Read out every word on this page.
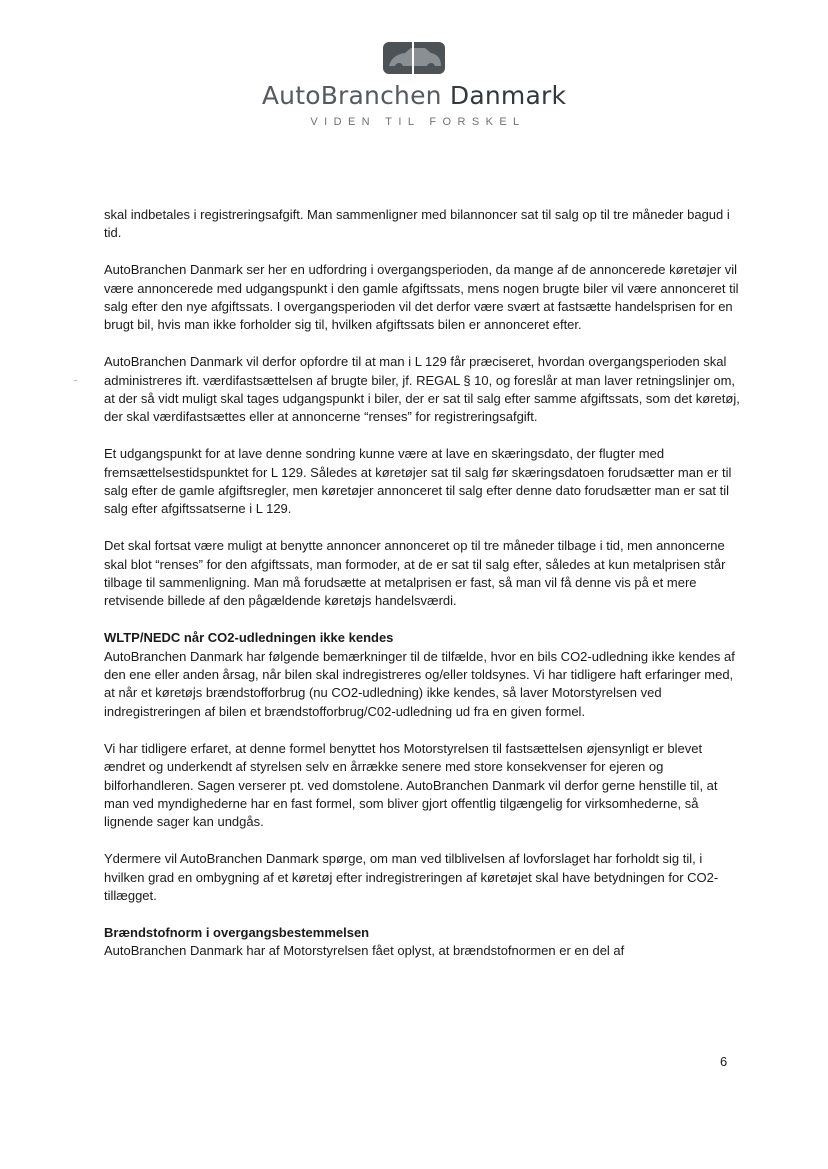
AutoBranchen Danmark
VIDEN TIL FORSKEL

skal indbetales i registreringsafgift. Man sammenligner med bilannoncer sat til salg op til tre måneder bagud i tid.

AutoBranchen Danmark ser her en udfordring i overgangsperioden, da mange af de annoncerede køretøjer vil være annoncerede med udgangspunkt i den gamle afgiftssats, mens nogen brugte biler vil være annonceret til salg efter den nye afgiftssats. I overgangsperioden vil det derfor være svært at fastsætte handelsprisen for en brugt bil, hvis man ikke forholder sig til, hvilken afgiftssats bilen er annonceret efter.

AutoBranchen Danmark vil derfor opfordre til at man i L 129 får præciseret, hvordan overgangsperioden skal administreres ift. værdifastsættelsen af brugte biler, jf. REGAL § 10, og foreslår at man laver retningslinjer om, at der så vidt muligt skal tages udgangspunkt i biler, der er sat til salg efter samme afgiftssats, som det køretøj, der skal værdifastsættes eller at annoncerne “renses” for registreringsafgift.

Et udgangspunkt for at lave denne sondring kunne være at lave en skæringsdato, der flugter med fremsættelsestidspunktet for L 129. Således at køretøjer sat til salg før skæringsdatoen forudsætter man er til salg efter de gamle afgiftsregler, men køretøjer annonceret til salg efter denne dato forudsætter man er sat til salg efter afgiftssatserne i L 129.

Det skal fortsat være muligt at benytte annoncer annonceret op til tre måneder tilbage i tid, men annoncerne skal blot “renses” for den afgiftssats, man formoder, at de er sat til salg efter, således at kun metalprisen står tilbage til sammenligning. Man må forudsætte at metalprisen er fast, så man vil få denne vis på et mere retvisende billede af den pågældende køretøjs handelsværdi.

WLTP/NEDC når CO2-udledningen ikke kendes

AutoBranchen Danmark har følgende bemærkninger til de tilfælde, hvor en bils CO2-udledning ikke kendes af den ene eller anden årsag, når bilen skal indregistreres og/eller toldsynes. Vi har tidligere haft erfaringer med, at når et køretøjs brændstofforbrug (nu CO2-udledning) ikke kendes, så laver Motorstyrelsen ved indregistreringen af bilen et brændstofforbrug/C02-udledning ud fra en given formel.

Vi har tidligere erfaret, at denne formel benyttet hos Motorstyrelsen til fastsættelsen øjensynligt er blevet ændret og underkendt af styrelsen selv en årrække senere med store konsekvenser for ejeren og bilforhandleren. Sagen verserer pt. ved domstolene. AutoBranchen Danmark vil derfor gerne henstille til, at man ved myndighederne har en fast formel, som bliver gjort offentlig tilgængelig for virksomhederne, så lignende sager kan undgås.

Ydermere vil AutoBranchen Danmark spørge, om man ved tilblivelsen af lovforslaget har forholdt sig til, i hvilken grad en ombygning af et køretøj efter indregistreringen af køretøjet skal have betydningen for CO2-tillægget.

Brændstofnorm i overgangsbestemmelsen

AutoBranchen Danmark har af Motorstyrelsen fået oplyst, at brændstofnormen er en del af

6
